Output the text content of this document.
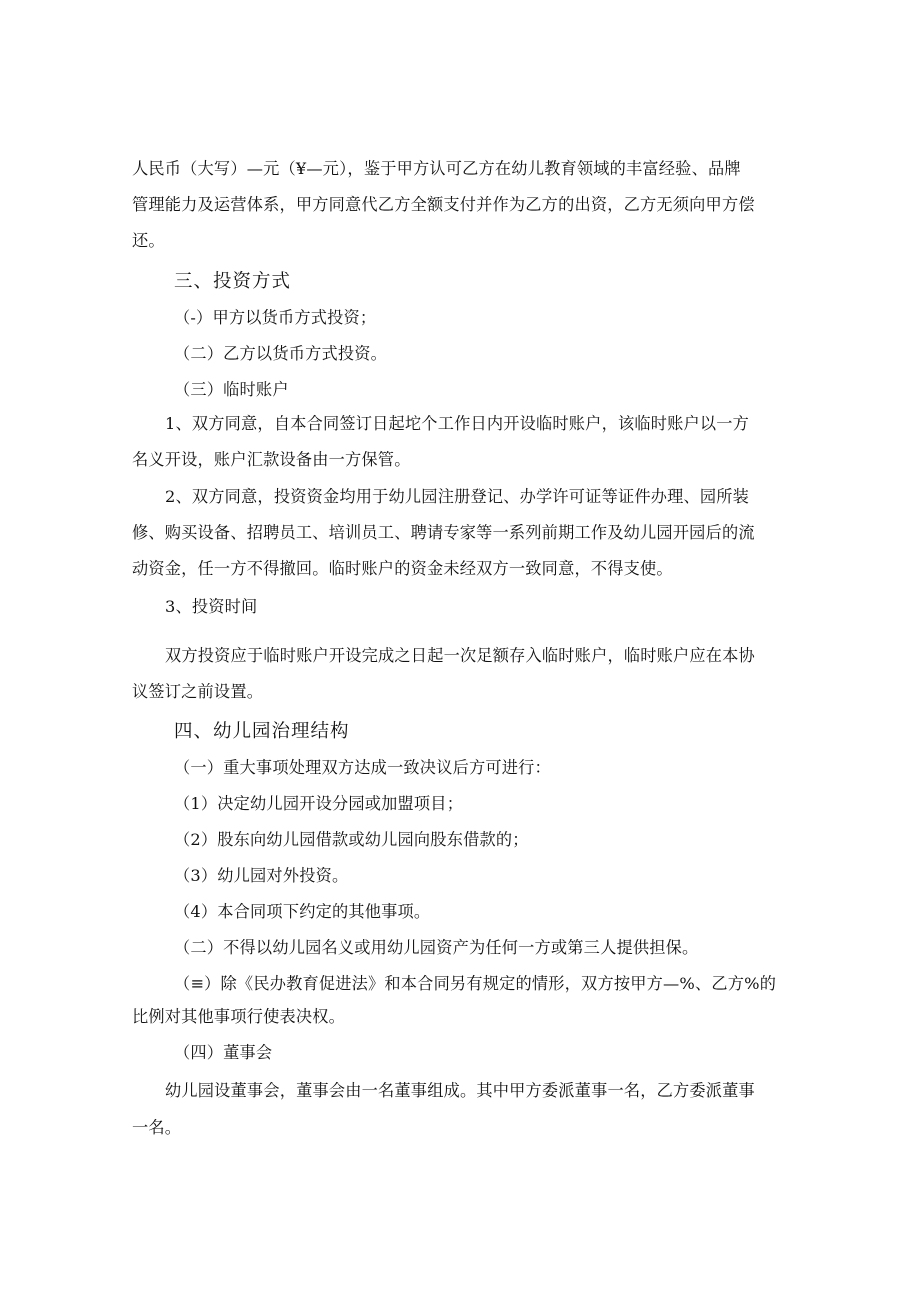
人民币（大写）—元（¥—元），鉴于甲方认可乙方在幼儿教育领域的丰富经验、品牌
管理能力及运营体系，甲方同意代乙方全额支付并作为乙方的出资，乙方无须向甲方偿
还。
三、投资方式
（-）甲方以货币方式投资；
（二）乙方以货币方式投资。
（三）临时账户
1、双方同意，自本合同签订日起坨个工作日内开设临时账户，该临时账户以一方
名义开设，账户汇款设备由一方保管。
2、双方同意，投资资金均用于幼儿园注册登记、办学许可证等证件办理、园所装
修、购买设备、招聘员工、培训员工、聘请专家等一系列前期工作及幼儿园开园后的流
动资金，任一方不得撤回。临时账户的资金未经双方一致同意，不得支使。
3、投资时间
双方投资应于临时账户开设完成之日起一次足额存入临时账户，临时账户应在本协
议签订之前设置。
四、幼儿园治理结构
（一）重大事项处理双方达成一致决议后方可进行：
（1）决定幼儿园开设分园或加盟项目；
（2）股东向幼儿园借款或幼儿园向股东借款的；
（3）幼儿园对外投资。
（4）本合同项下约定的其他事项。
（二）不得以幼儿园名义或用幼儿园资产为任何一方或第三人提供担保。
（≡）除《民办教育促进法》和本合同另有规定的情形，双方按甲方—%、乙方%的
比例对其他事项行使表决权。
（四）董事会
幼儿园设董事会，董事会由一名董事组成。其中甲方委派董事一名，乙方委派董事
一名。
